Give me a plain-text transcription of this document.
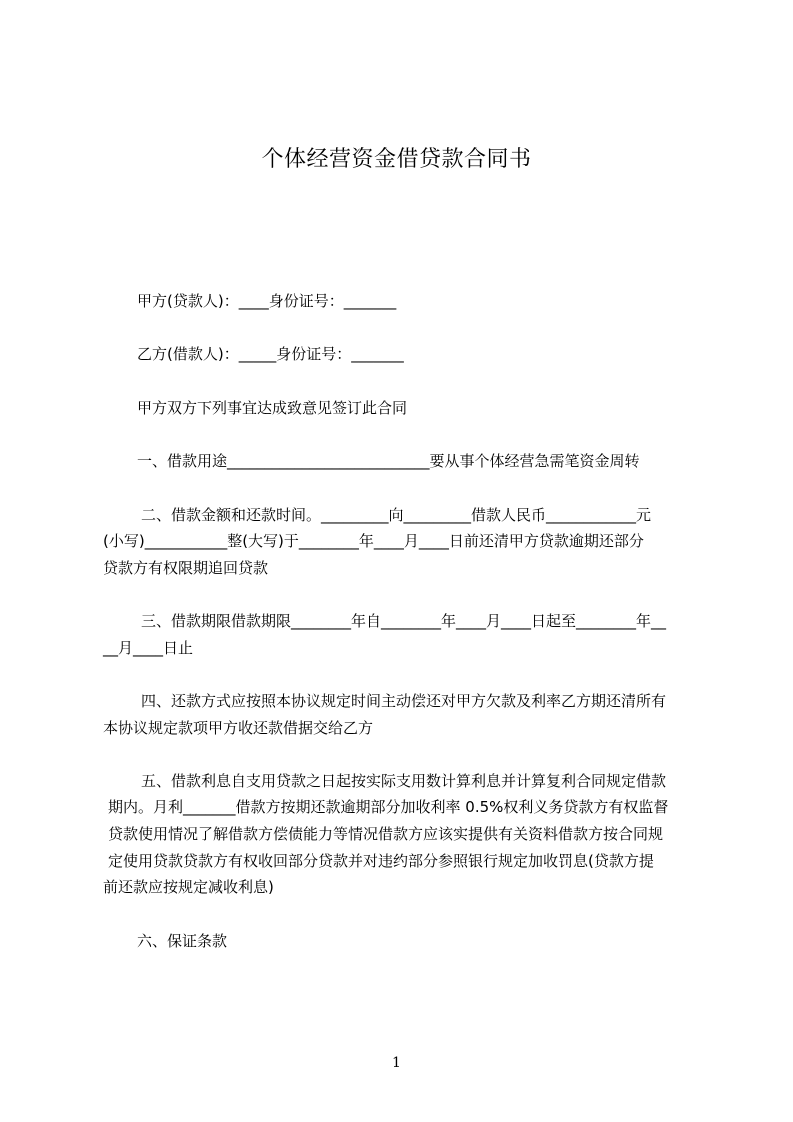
个体经营资金借贷款合同书
甲方(贷款人)：____身份证号：_______
乙方(借款人)：_____身份证号：_______
甲方双方下列事宜达成致意见签订此合同
一、借款用途___________________________要从事个体经营急需笔资金周转
二、借款金额和还款时间。_________向_________借款人民币____________元
(小写)___________整(大写)于________年____月____日前还清甲方贷款逾期还部分
贷款方有权限期追回贷款
三、借款期限借款期限________年自________年____月____日起至________年__
__月____日止
四、还款方式应按照本协议规定时间主动偿还对甲方欠款及利率乙方期还清所有
本协议规定款项甲方收还款借据交给乙方
五、借款利息自支用贷款之日起按实际支用数计算利息并计算复利合同规定借款
期内。月利_______借款方按期还款逾期部分加收利率 0.5%权利义务贷款方有权监督
贷款使用情况了解借款方偿债能力等情况借款方应该实提供有关资料借款方按合同规
定使用贷款贷款方有权收回部分贷款并对违约部分参照银行规定加收罚息(贷款方提
前还款应按规定减收利息)
六、保证条款
1
